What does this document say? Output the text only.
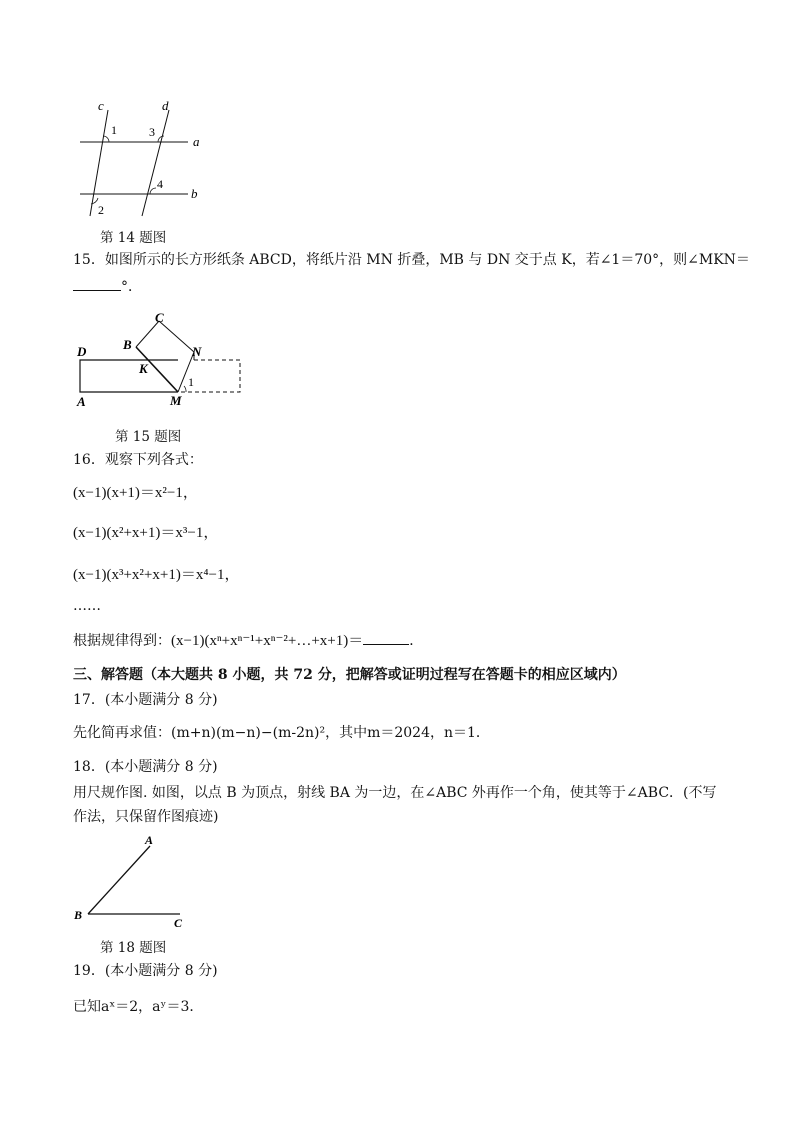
c	d
a
b
1	3
4
2
第 14 题图
15．如图所示的长方形纸条 ABCD，将纸片沿 MN 折叠，MB 与 DN 交于点 K，若∠1＝70°，则∠MKN＝
°．
D
A
B
C
N
K
M
1
第 15 题图
16．观察下列各式：
(x−1)(x+1)＝x²−1，
(x−1)(x²+x+1)＝x³−1，
(x−1)(x³+x²+x+1)＝x⁴−1，
……
根据规律得到：(x−1)(xⁿ+xⁿ⁻¹+xⁿ⁻²+…+x+1)＝	．
三、解答题（本大题共 8 小题，共 72 分，把解答或证明过程写在答题卡的相应区域内）
17．(本小题满分 8 分)
先化简再求值：(m+n)(m−n)−(m-2n)²，其中m＝2024，n＝1．
18．(本小题满分 8 分)
用尺规作图. 如图，以点 B 为顶点，射线 BA 为一边，在∠ABC 外再作一个角，使其等于∠ABC．(不写
作法，只保留作图痕迹)
A
B
C
第 18 题图
19．(本小题满分 8 分)
已知aˣ＝2，aʸ＝3．
